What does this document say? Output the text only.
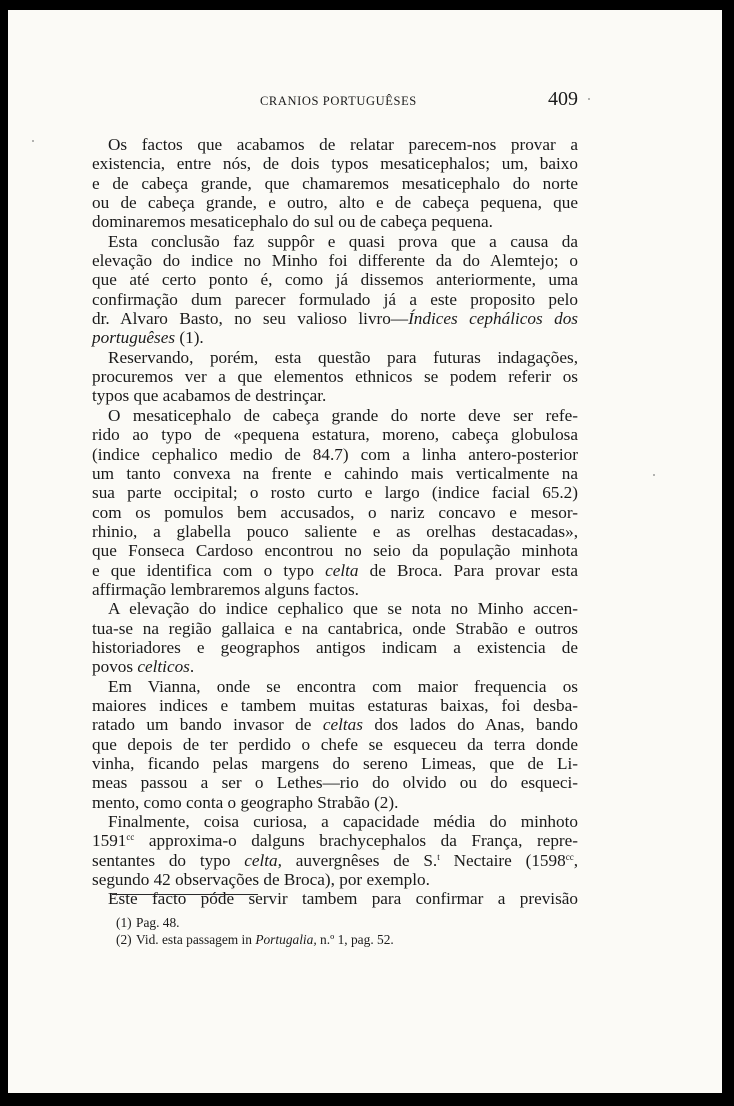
CRANIOS PORTUGUÊSES	409
Os factos que acabamos de relatar parecem-nos provar a
existencia, entre nós, de dois typos mesaticephalos; um, baixo
e de cabeça grande, que chamaremos mesaticephalo do norte
ou de cabeça grande, e outro, alto e de cabeça pequena, que
dominaremos mesaticephalo do sul ou de cabeça pequena.
Esta conclusão faz suppôr e quasi prova que a causa da
elevação do indice no Minho foi differente da do Alemtejo; o
que até certo ponto é, como já dissemos anteriormente, uma
confirmação dum parecer formulado já a este proposito pelo
dr. Alvaro Basto, no seu valioso livro—Índices cephálicos dos
portuguêses (1).
Reservando, porém, esta questão para futuras indagações,
procuremos ver a que elementos ethnicos se podem referir os
typos que acabamos de destrinçar.
O mesaticephalo de cabeça grande do norte deve ser refe-
rido ao typo de «pequena estatura, moreno, cabeça globulosa
(indice cephalico medio de 84.7) com a linha antero-posterior
um tanto convexa na frente e cahindo mais verticalmente na
sua parte occipital; o rosto curto e largo (indice facial 65.2)
com os pomulos bem accusados, o nariz concavo e mesor-
rhinio, a glabella pouco saliente e as orelhas destacadas»,
que Fonseca Cardoso encontrou no seio da população minhota
e que identifica com o typo celta de Broca. Para provar esta
affirmação lembraremos alguns factos.
A elevação do indice cephalico que se nota no Minho accen-
tua-se na região gallaica e na cantabrica, onde Strabão e outros
historiadores e geographos antigos indicam a existencia de
povos celticos.
Em Vianna, onde se encontra com maior frequencia os
maiores indices e tambem muitas estaturas baixas, foi desba-
ratado um bando invasor de celtas dos lados do Anas, bando
que depois de ter perdido o chefe se esqueceu da terra donde
vinha, ficando pelas margens do sereno Limeas, que de Li-
meas passou a ser o Lethes—rio do olvido ou do esqueci-
mento, como conta o geographo Strabão (2).
Finalmente, coisa curiosa, a capacidade média do minhoto
$1591^{cc}$ approxima-o dalguns brachycephalos da França, repre-
sentantes do typo celta, auvergnêses de S.$^t$ Nectaire ($1598^{cc}$,
segundo 42 observações de Broca), por exemplo.
Este facto póde servir tambem para confirmar a previsão
(1) Pag. 48.
(2) Vid. esta passagem in Portugalia, n.º 1, pag. 52.
